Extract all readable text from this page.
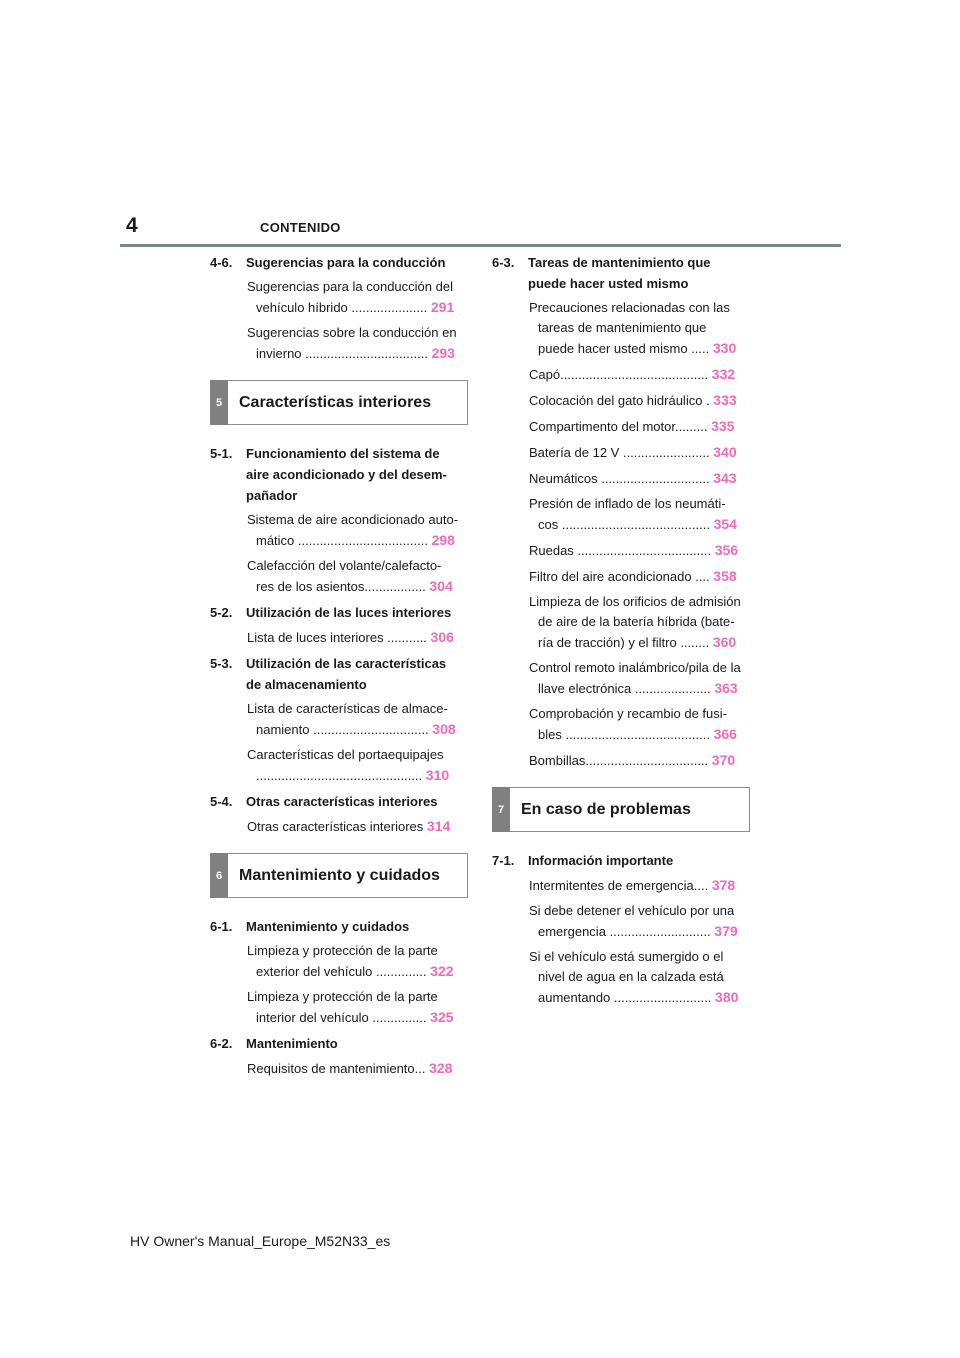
4	CONTENIDO
4-6. Sugerencias para la conducción
Sugerencias para la conducción del
vehículo híbrido ..................... 291
Sugerencias sobre la conducción en
invierno .................................. 293
5	Características interiores
5-1. Funcionamiento del sistema de
aire acondicionado y del desem-
pañador
Sistema de aire acondicionado auto-
mático .................................... 298
Calefacción del volante/calefacto-
res de los asientos................. 304
5-2. Utilización de las luces interiores
Lista de luces interiores ........... 306
5-3. Utilización de las características
de almacenamiento
Lista de características de almace-
namiento ................................ 308
Características del portaequipajes
.............................................. 310
5-4. Otras características interiores
Otras características interiores 314
6	Mantenimiento y cuidados
6-1. Mantenimiento y cuidados
Limpieza y protección de la parte
exterior del vehículo .............. 322
Limpieza y protección de la parte
interior del vehículo ............... 325
6-2. Mantenimiento
Requisitos de mantenimiento... 328
6-3. Tareas de mantenimiento que
puede hacer usted mismo
Precauciones relacionadas con las
tareas de mantenimiento que
puede hacer usted mismo ..... 330
Capó......................................... 332
Colocación del gato hidráulico . 333
Compartimento del motor......... 335
Batería de 12 V ........................ 340
Neumáticos .............................. 343
Presión de inflado de los neumáti-
cos ......................................... 354
Ruedas ..................................... 356
Filtro del aire acondicionado .... 358
Limpieza de los orificios de admisión
de aire de la batería híbrida (bate-
ría de tracción) y el filtro ........ 360
Control remoto inalámbrico/pila de la
llave electrónica ..................... 363
Comprobación y recambio de fusi-
bles ........................................ 366
Bombillas.................................. 370
7	En caso de problemas
7-1. Información importante
Intermitentes de emergencia.... 378
Si debe detener el vehículo por una
emergencia ............................ 379
Si el vehículo está sumergido o el
nivel de agua en la calzada está
aumentando ........................... 380
HV Owner's Manual_Europe_M52N33_es
